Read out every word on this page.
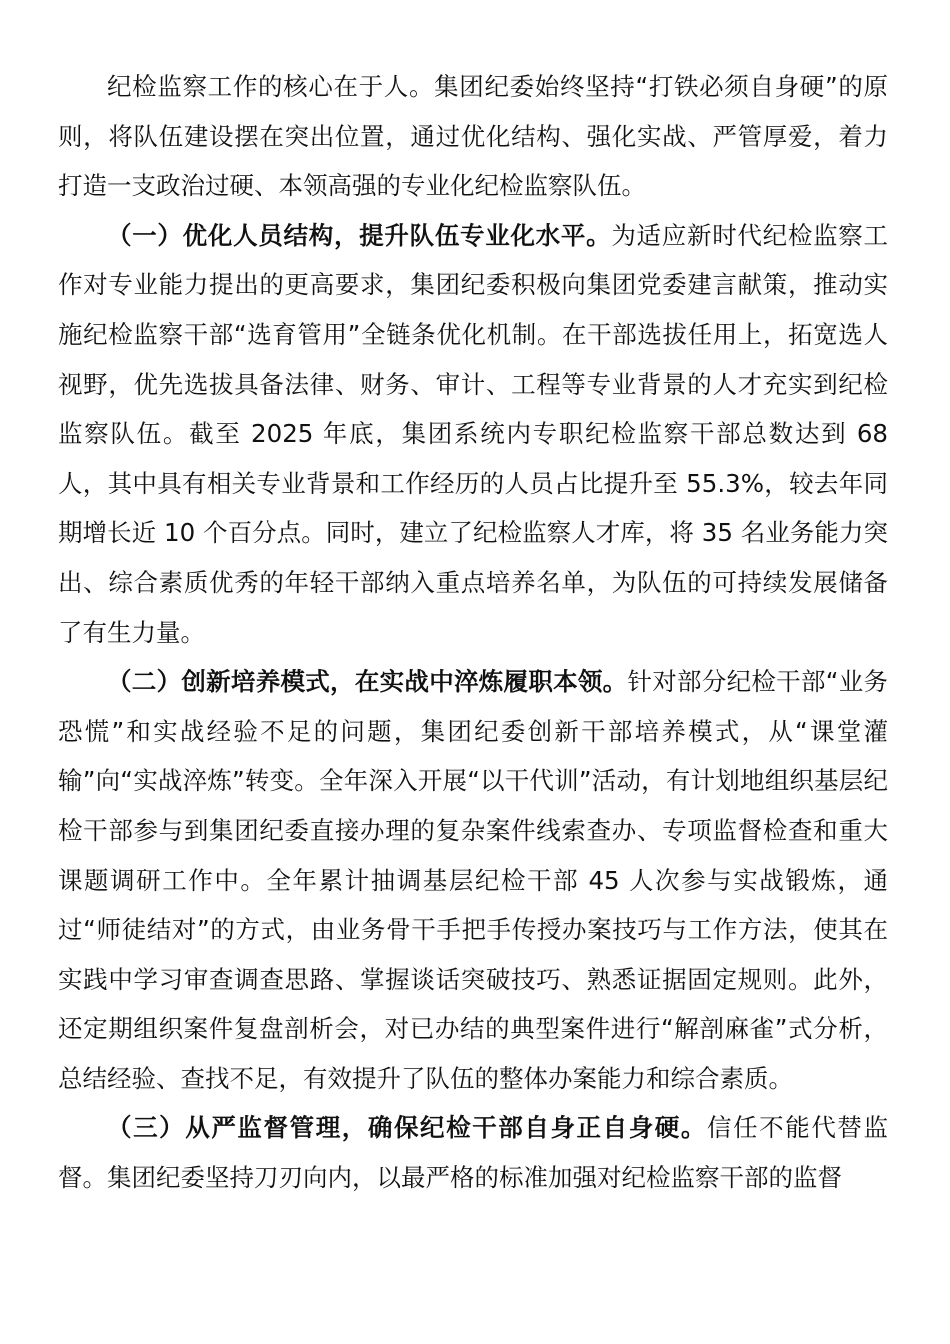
纪检监察工作的核心在于人。集团纪委始终坚持“打铁必须自身硬”的原则，将队伍建设摆在突出位置，通过优化结构、强化实战、严管厚爱，着力打造一支政治过硬、本领高强的专业化纪检监察队伍。

（一）优化人员结构，提升队伍专业化水平。为适应新时代纪检监察工作对专业能力提出的更高要求，集团纪委积极向集团党委建言献策，推动实施纪检监察干部“选育管用”全链条优化机制。在干部选拔任用上，拓宽选人视野，优先选拔具备法律、财务、审计、工程等专业背景的人才充实到纪检监察队伍。截至 2025 年底，集团系统内专职纪检监察干部总数达到 68 人，其中具有相关专业背景和工作经历的人员占比提升至 55.3%，较去年同期增长近 10 个百分点。同时，建立了纪检监察人才库，将 35 名业务能力突出、综合素质优秀的年轻干部纳入重点培养名单，为队伍的可持续发展储备了有生力量。

（二）创新培养模式，在实战中淬炼履职本领。针对部分纪检干部“业务恐慌”和实战经验不足的问题，集团纪委创新干部培养模式，从“课堂灌输”向“实战淬炼”转变。全年深入开展“以干代训”活动，有计划地组织基层纪检干部参与到集团纪委直接办理的复杂案件线索查办、专项监督检查和重大课题调研工作中。全年累计抽调基层纪检干部 45 人次参与实战锻炼，通过“师徒结对”的方式，由业务骨干手把手传授办案技巧与工作方法，使其在实践中学习审查调查思路、掌握谈话突破技巧、熟悉证据固定规则。此外，还定期组织案件复盘剖析会，对已办结的典型案件进行“解剖麻雀”式分析，总结经验、查找不足，有效提升了队伍的整体办案能力和综合素质。

（三）从严监督管理，确保纪检干部自身正自身硬。信任不能代替监督。集团纪委坚持刀刃向内，以最严格的标准加强对纪检监察干部的监督
